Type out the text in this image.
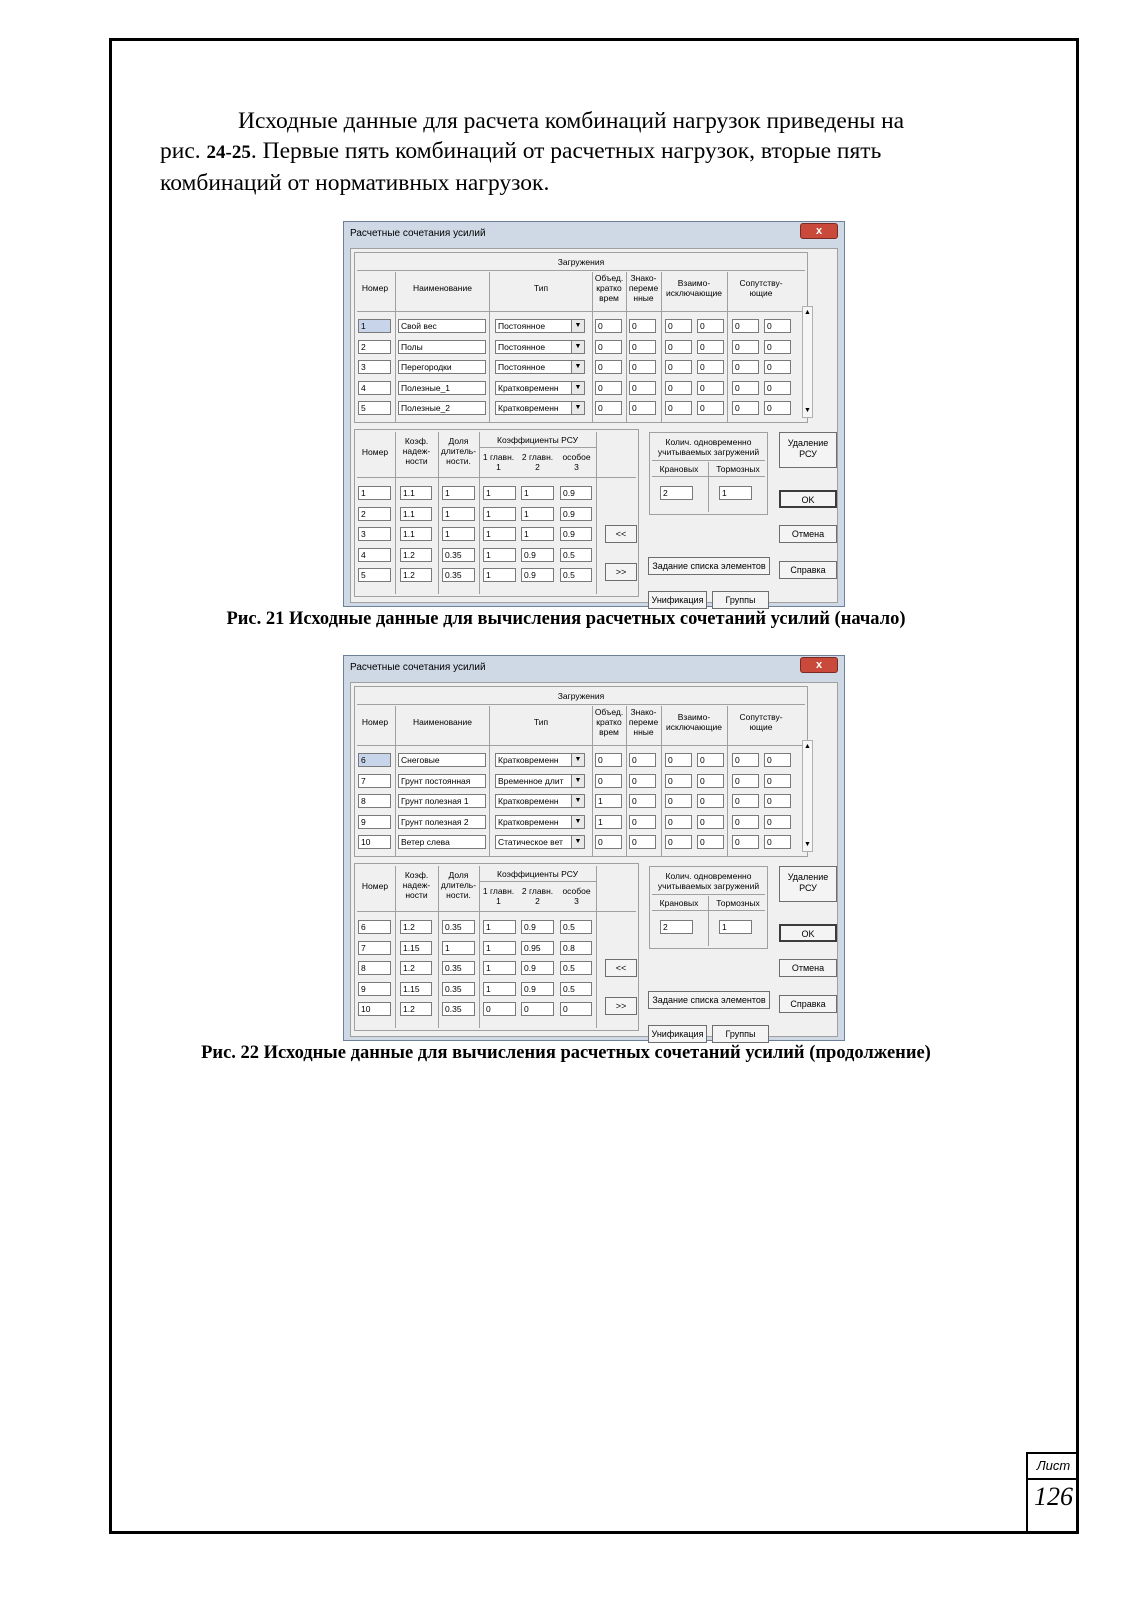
Исходные данные для расчета комбинаций нагрузок приведены на
рис. 24-25. Первые пять комбинаций от расчетных нагрузок, вторые пять
комбинаций от нормативных нагрузок.
Расчетные сочетания усилий	x
Загружения
Номер	Наименование	Тип
Объед.
кратко
врем
Знако-
переме
нные
Взаимо-
исключающие
Сопутству-
ющие
1	Свой вес	Постоянное	▼	0	0	0	0	0	0
2	Полы	Постоянное	▼	0	0	0	0	0	0
3	Перегородки	Постоянное	▼	0	0	0	0	0	0
4	Полезные_1	Кратковременн	▼	0	0	0	0	0	0
5	Полезные_2	Кратковременн	▼	0	0	0	0	0	0
▲
▼
Номер
Коэф.
надеж-
ности
Доля
длитель-
ности.
Коэффициенты РСУ
1 главн.
1
2 главн.
2
особое
3
1	1.1	1	1	1	0.9
2	1.1	1	1	1	0.9
3	1.1	1	1	1	0.9
4	1.2	0.35	1	0.9	0.5
5	1.2	0.35	1	0.9	0.5
<<
>>
Колич. одновременно
учитываемых загружений
Крановых	Тормозных
2	1
Задание списка элементов
Унификация	Группы
Удаление
РСУ
OK
Отмена
Справка
Рис. 21 Исходные данные для вычисления расчетных сочетаний усилий (начало)
Расчетные сочетания усилий	x
Загружения
Номер	Наименование	Тип
Объед.
кратко
врем
Знако-
переме
нные
Взаимо-
исключающие
Сопутству-
ющие
6	Снеговые	Кратковременн	▼	0	0	0	0	0	0
7	Грунт постоянная	Временное длит	▼	0	0	0	0	0	0
8	Грунт полезная 1	Кратковременн	▼	1	0	0	0	0	0
9	Грунт полезная 2	Кратковременн	▼	1	0	0	0	0	0
10	Ветер слева	Статическое вет	▼	0	0	0	0	0	0
▲
▼
Номер
Коэф.
надеж-
ности
Доля
длитель-
ности.
Коэффициенты РСУ
1 главн.
1
2 главн.
2
особое
3
6	1.2	0.35	1	0.9	0.5
7	1.15	1	1	0.95	0.8
8	1.2	0.35	1	0.9	0.5
9	1.15	0.35	1	0.9	0.5
10	1.2	0.35	0	0	0
<<
>>
Колич. одновременно
учитываемых загружений
Крановых	Тормозных
2	1
Задание списка элементов
Унификация	Группы
Удаление
РСУ
OK
Отмена
Справка
Рис. 22 Исходные данные для вычисления расчетных сочетаний усилий (продолжение)
Лист
126
